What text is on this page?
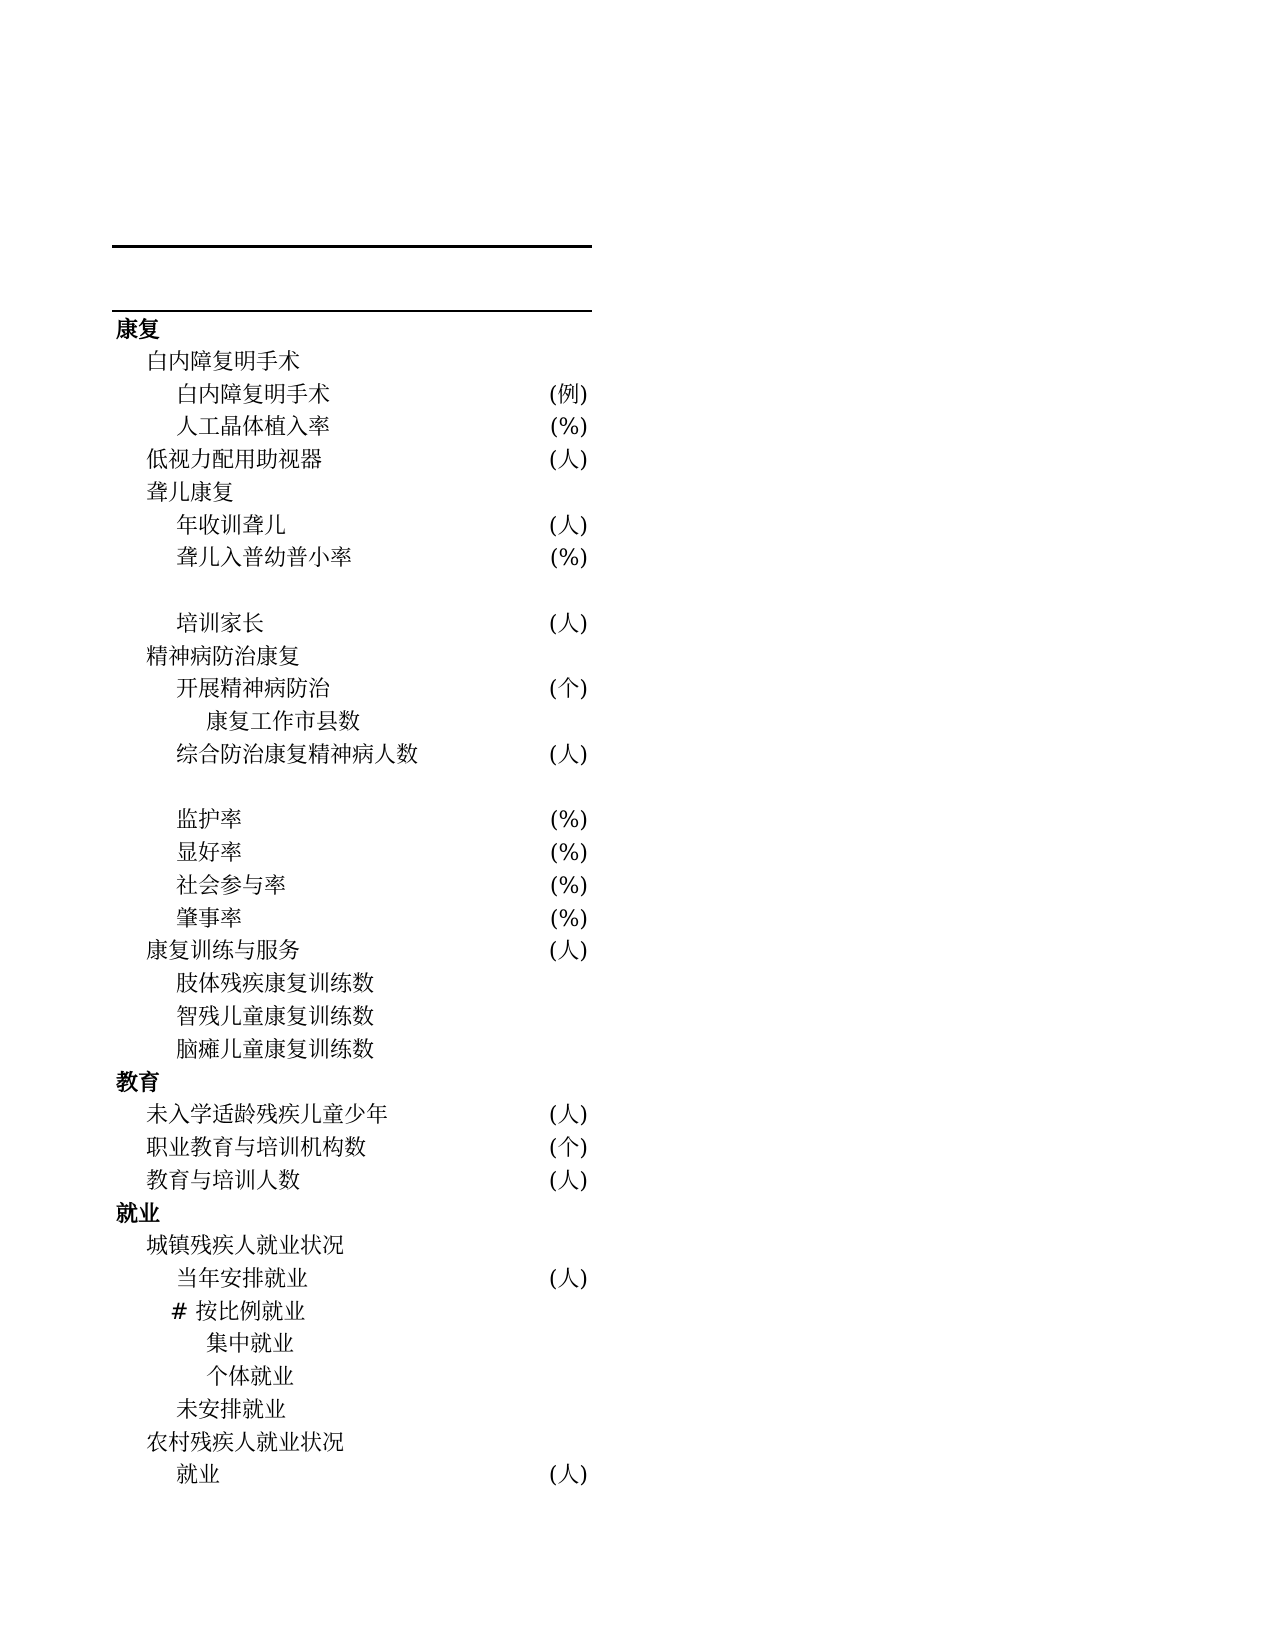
康复
白内障复明手术
白内障复明手术	(例)
人工晶体植入率	(%)
低视力配用助视器	(人)
聋儿康复
年收训聋儿	(人)
聋儿入普幼普小率	(%)
培训家长	(人)
精神病防治康复
开展精神病防治	(个)
康复工作市县数
综合防治康复精神病人数	(人)
监护率	(%)
显好率	(%)
社会参与率	(%)
肇事率	(%)
康复训练与服务	(人)
肢体残疾康复训练数
智残儿童康复训练数
脑瘫儿童康复训练数
教育
未入学适龄残疾儿童少年	(人)
职业教育与培训机构数	(个)
教育与培训人数	(人)
就业
城镇残疾人就业状况
当年安排就业	(人)
# 按比例就业
集中就业
个体就业
未安排就业
农村残疾人就业状况
就业	(人)
